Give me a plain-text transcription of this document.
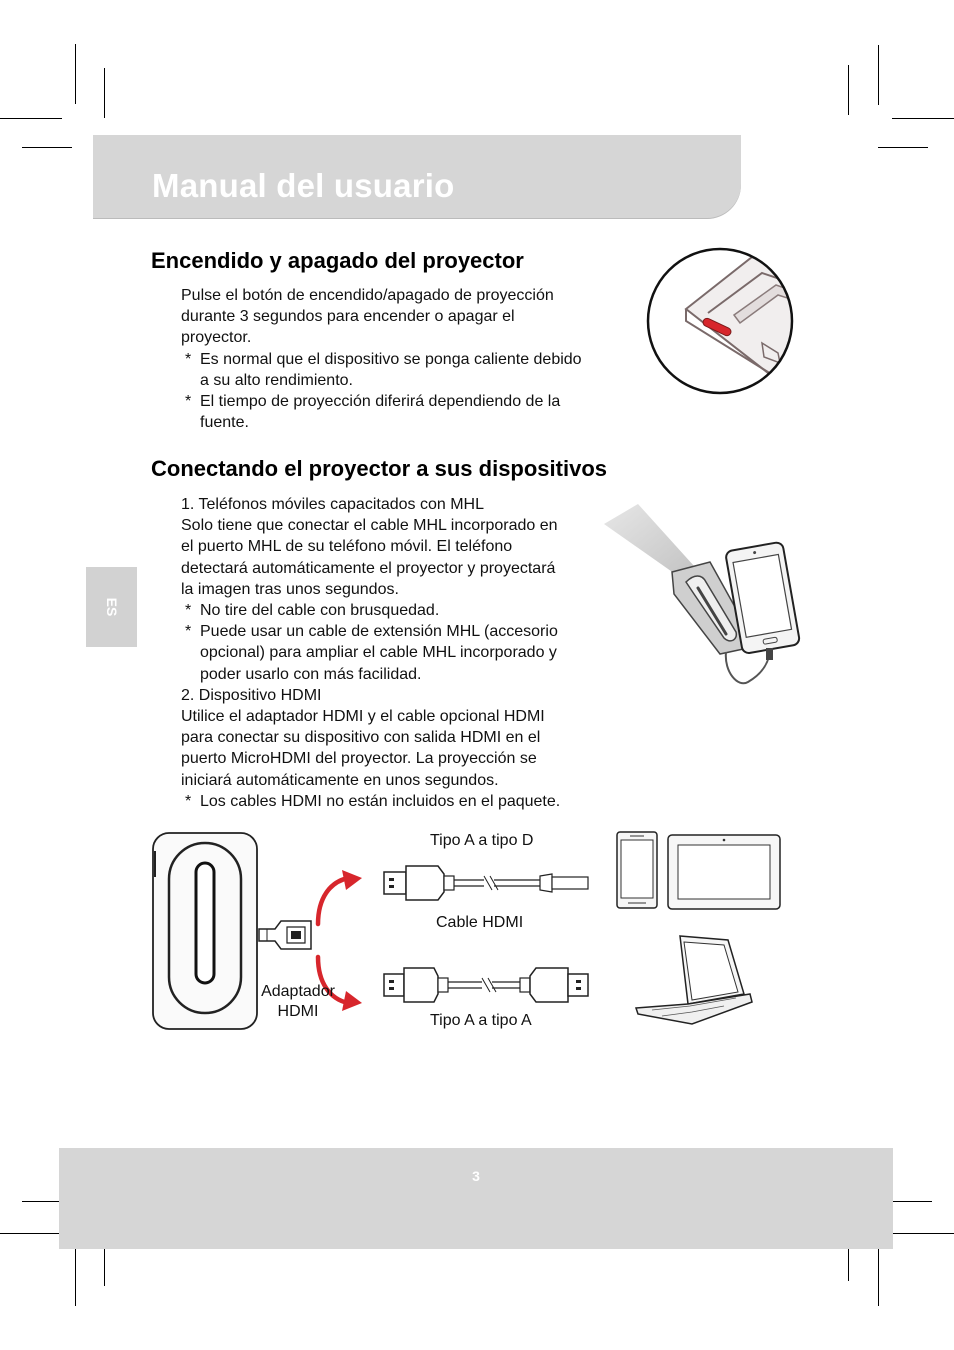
Manual del usuario
ES
Encendido y apagado del proyector

Pulse el botón de encendido/apagado de proyección

durante 3 segundos para encender o apagar el

proyector.

* Es normal que el dispositivo se ponga caliente debido

a su alto rendimiento.

* El tiempo de proyección diferirá dependiendo de la

fuente.

Conectando el proyector a sus dispositivos

1. Teléfonos móviles capacitados con MHL

Solo tiene que conectar el cable MHL incorporado en

el puerto MHL de su teléfono móvil. El teléfono

detectará automáticamente el proyector y proyectará

la imagen tras unos segundos.

* No tire del cable con brusquedad.

* Puede usar un cable de extensión MHL (accesorio

opcional) para ampliar el cable MHL incorporado y

poder usarlo con más facilidad.

2. Dispositivo HDMI

Utilice el adaptador HDMI y el cable opcional HDMI

para conectar su dispositivo con salida HDMI en el

puerto MicroHDMI del proyector. La proyección se

iniciará automáticamente en unos segundos.

* Los cables HDMI no están incluidos en el paquete.

Tipo A a tipo D
Cable HDMI
Tipo A a tipo A
Adaptador
HDMI
3
